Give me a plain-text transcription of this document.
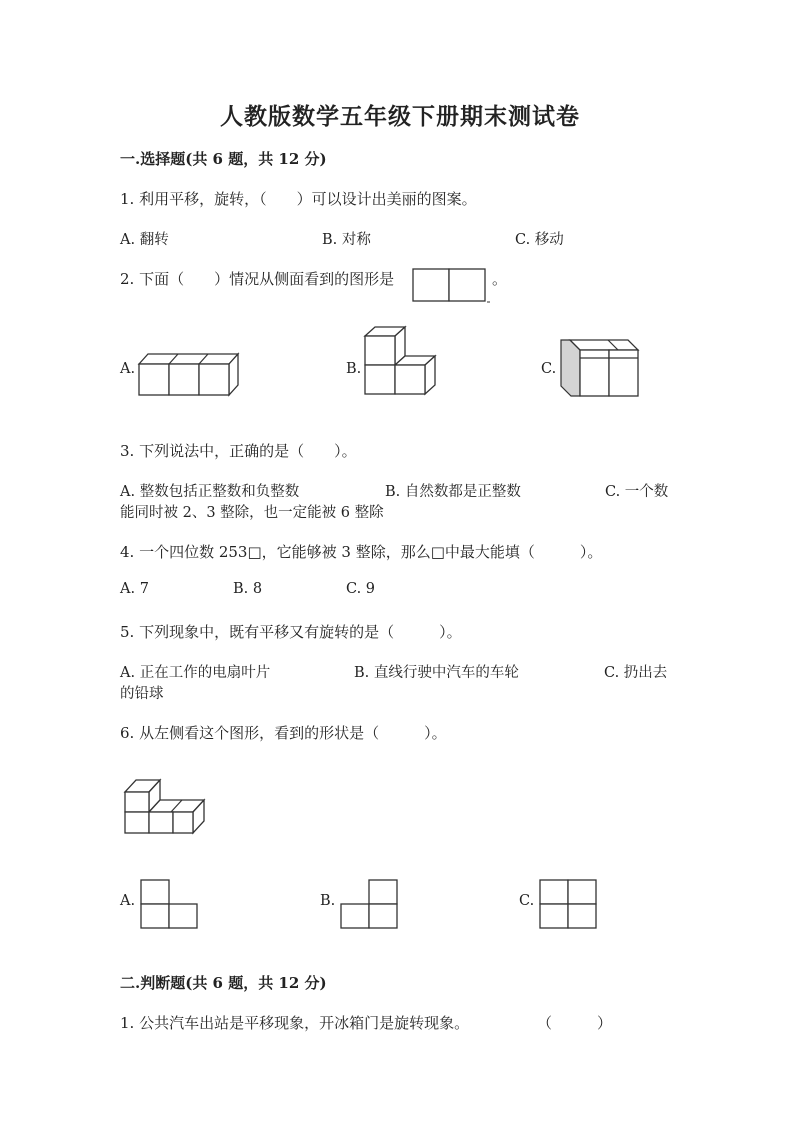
人教版数学五年级下册期末测试卷
一.选择题(共 6 题，共 12 分)
1. 利用平移，旋转，（　　）可以设计出美丽的图案。
A. 翻转	B. 对称	C. 移动
2. 下面（　　）情况从侧面看到的图形是	。
A.	B.	C.
3. 下列说法中，正确的是（　　）。
A. 整数包括正整数和负整数	B. 自然数都是正整数	C. 一个数
能同时被 2、3 整除，也一定能被 6 整除
4. 一个四位数 253□，它能够被 3 整除，那么□中最大能填（　　　）。
A. 7	B. 8	C. 9
5. 下列现象中，既有平移又有旋转的是（　　　）。
A. 正在工作的电扇叶片	B. 直线行驶中汽车的车轮	C. 扔出去
的铅球
6. 从左侧看这个图形，看到的形状是（　　　）。
A.	B.	C.
二.判断题(共 6 题，共 12 分)
1. 公共汽车出站是平移现象，开冰箱门是旋转现象。	（　　　）
